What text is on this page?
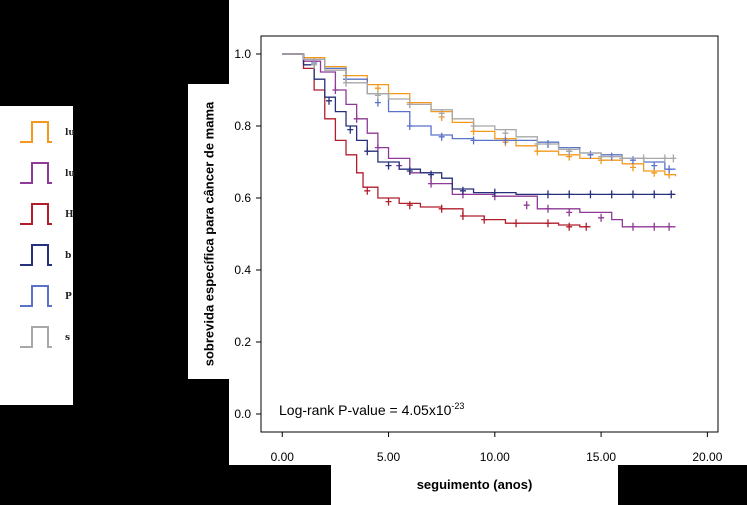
sobrevida específica para câncer de mama
seguimento (anos)
0.00	5.00	10.00	15.00	20.00
0.0
0.2
0.4
0.6
0.8
1.0
lu
lu
H
b
P
s
Log-rank P-value = $4.05x10^{-23}$
